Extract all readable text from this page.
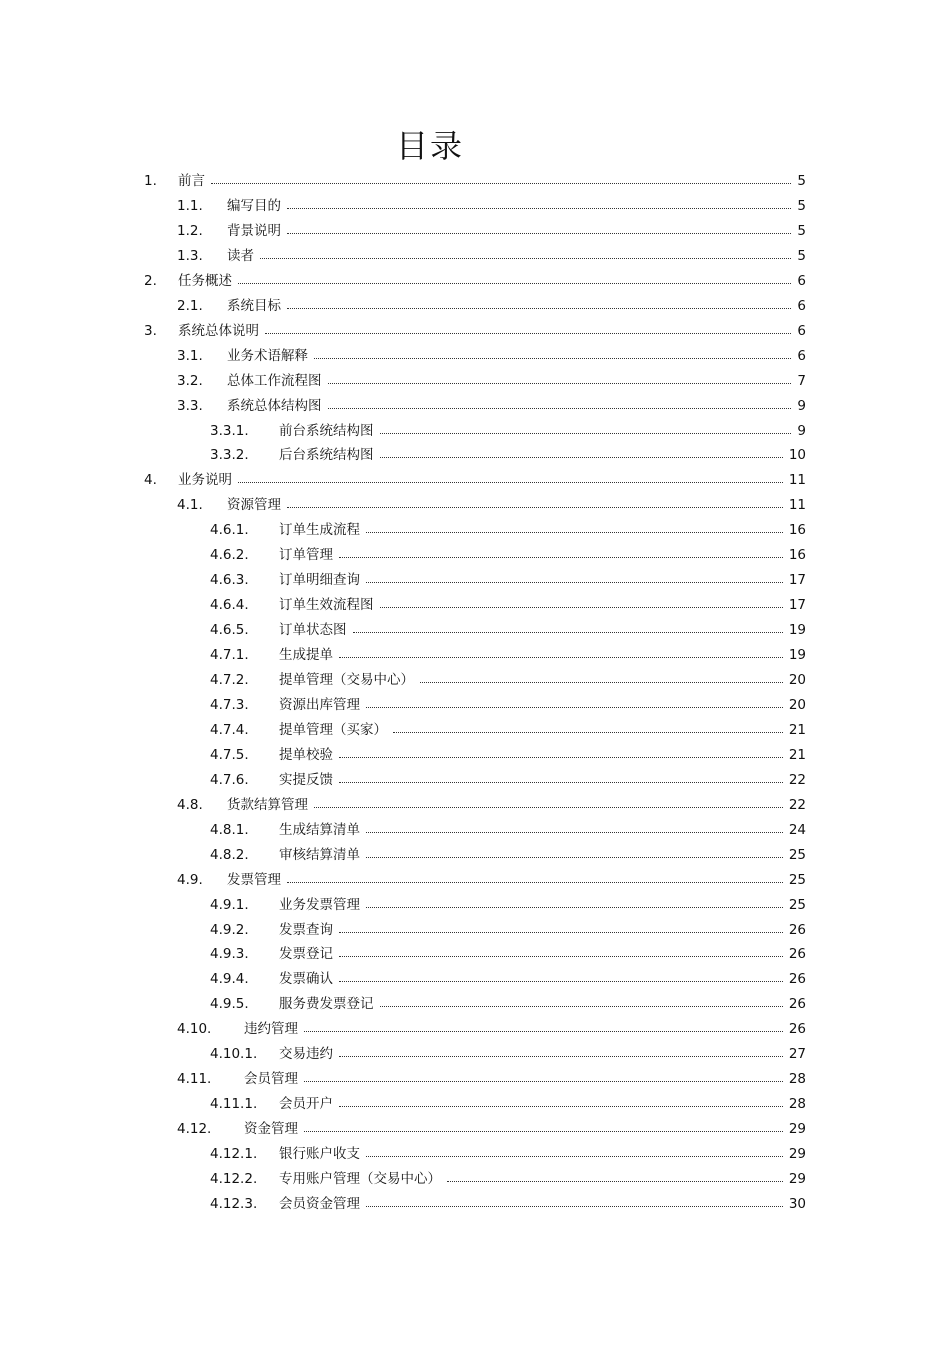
目录
1. 前言	5
1.1. 编写目的	5
1.2. 背景说明	5
1.3. 读者	5
2. 任务概述	6
2.1. 系统目标	6
3. 系统总体说明	6
3.1. 业务术语解释	6
3.2. 总体工作流程图	7
3.3. 系统总体结构图	9
3.3.1. 前台系统结构图	9
3.3.2. 后台系统结构图	10
4. 业务说明	11
4.1. 资源管理	11
4.6.1. 订单生成流程	16
4.6.2. 订单管理	16
4.6.3. 订单明细查询	17
4.6.4. 订单生效流程图	17
4.6.5. 订单状态图	19
4.7.1. 生成提单	19
4.7.2. 提单管理（交易中心）	20
4.7.3. 资源出库管理	20
4.7.4. 提单管理（买家）	21
4.7.5. 提单校验	21
4.7.6. 实提反馈	22
4.8. 货款结算管理	22
4.8.1. 生成结算清单	24
4.8.2. 审核结算清单	25
4.9. 发票管理	25
4.9.1. 业务发票管理	25
4.9.2. 发票查询	26
4.9.3. 发票登记	26
4.9.4. 发票确认	26
4.9.5. 服务费发票登记	26
4.10. 违约管理	26
4.10.1. 交易违约	27
4.11. 会员管理	28
4.11.1. 会员开户	28
4.12. 资金管理	29
4.12.1. 银行账户收支	29
4.12.2. 专用账户管理（交易中心）	29
4.12.3. 会员资金管理	30
